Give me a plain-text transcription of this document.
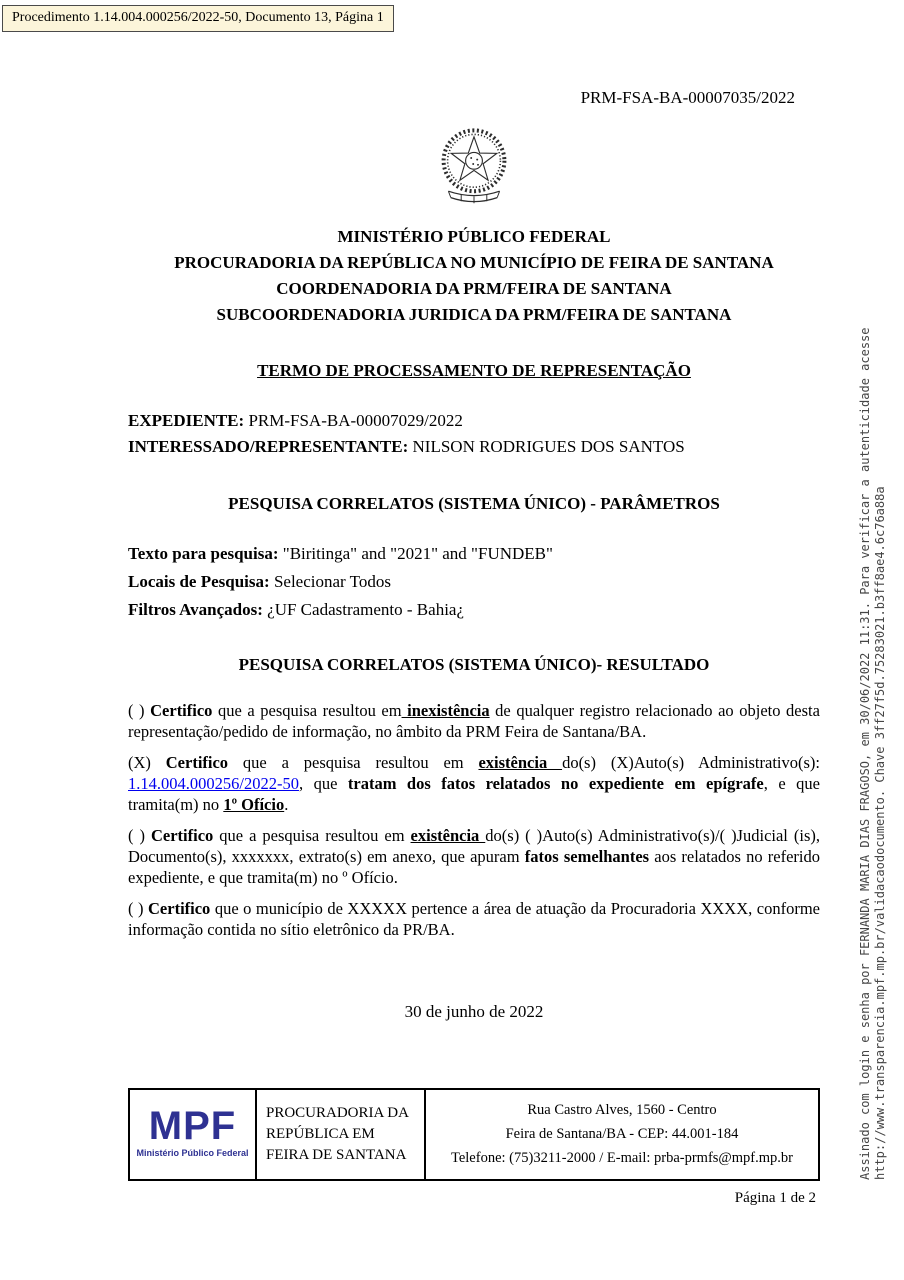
Procedimento 1.14.004.000256/2022-50, Documento 13, Página 1
PRM-FSA-BA-00007035/2022
MINISTÉRIO PÚBLICO FEDERAL
PROCURADORIA DA REPÚBLICA NO MUNICÍPIO DE FEIRA DE SANTANA
COORDENADORIA DA PRM/FEIRA DE SANTANA
SUBCOORDENADORIA JURIDICA DA PRM/FEIRA DE SANTANA
TERMO DE PROCESSAMENTO DE REPRESENTAÇÃO
EXPEDIENTE: PRM-FSA-BA-00007029/2022
INTERESSADO/REPRESENTANTE: NILSON RODRIGUES DOS SANTOS
PESQUISA CORRELATOS (SISTEMA ÚNICO) - PARÂMETROS
Texto para pesquisa: "Biritinga" and "2021" and "FUNDEB"
Locais de Pesquisa: Selecionar Todos
Filtros Avançados: ¿UF Cadastramento - Bahia¿
PESQUISA CORRELATOS (SISTEMA ÚNICO)- RESULTADO

( ) Certifico que a pesquisa resultou em inexistência de qualquer registro relacionado ao objeto desta representação/pedido de informação, no âmbito da PRM Feira de Santana/BA.

(X) Certifico que a pesquisa resultou em existência do(s) (X)Auto(s) Administrativo(s): 1.14.004.000256/2022-50, que tratam dos fatos relatados no expediente em epígrafe, e que tramita(m) no 1º Ofício.

( ) Certifico que a pesquisa resultou em existência do(s) ( )Auto(s) Administrativo(s)/( )Judicial (is), Documento(s), xxxxxxx, extrato(s) em anexo, que apuram fatos semelhantes aos relatados no referido expediente, e que tramita(m) no º Ofício.

( ) Certifico que o município de XXXXX pertence a área de atuação da Procuradoria XXXX, conforme informação contida no sítio eletrônico da PR/BA.

30 de junho de 2022
MPF
Ministério Público Federal
PROCURADORIA DA REPÚBLICA EM FEIRA DE SANTANA
Rua Castro Alves, 1560 - Centro
Feira de Santana/BA - CEP: 44.001-184
Telefone: (75)3211-2000 / E-mail: prba-prmfs@mpf.mp.br
Página 1 de 2
Assinado com login e senha por FERNANDA MARIA DIAS FRAGOSO, em 30/06/2022 11:31. Para verificar a autenticidade acesse http://www.transparencia.mpf.mp.br/validacaodocumento. Chave 3ff27f5d.75283021.b3ff8ae4.6c76a88a
